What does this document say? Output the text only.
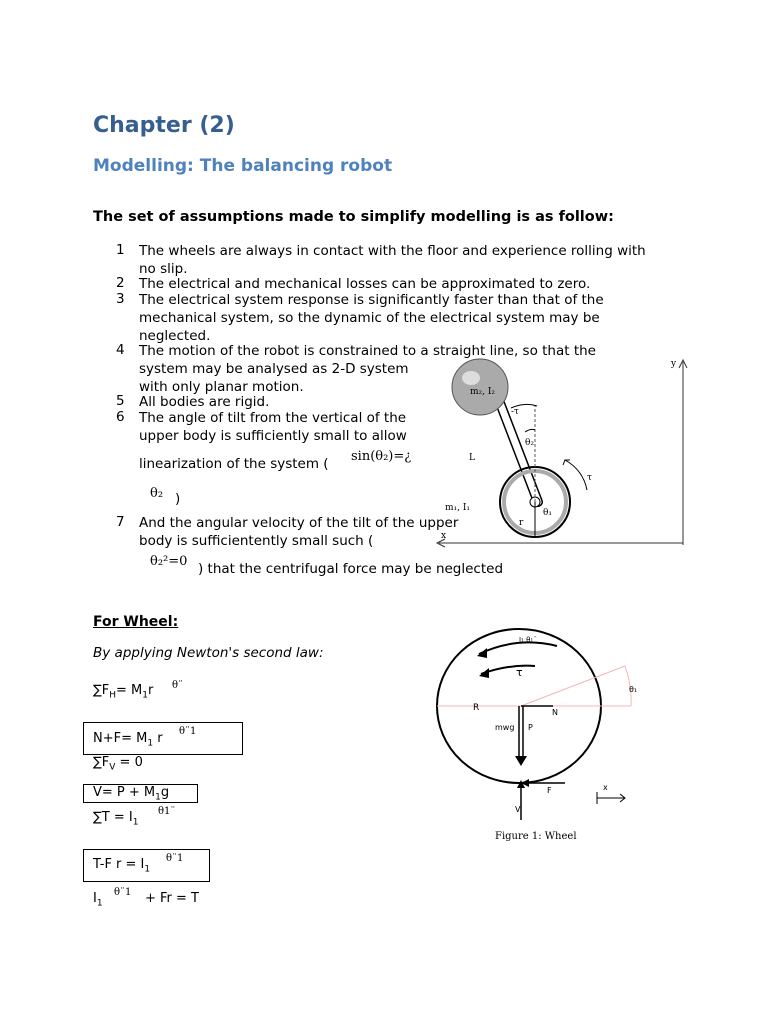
Chapter (2)
Modelling: The balancing robot
The set of assumptions made to simplify modelling is as follow:
1 The wheels are always in contact with the floor and experience rolling with
no slip.
2 The electrical and mechanical losses can be approximated to zero.
3 The electrical system response is significantly faster than that of the
mechanical system, so the dynamic of the electrical system may be
neglected.
4 The motion of the robot is constrained to a straight line, so that the
system may be analysed as 2-D system
with only planar motion.
5 All bodies are rigid.
6 The angle of tilt from the vertical of the
upper body is sufficiently small to allow
linearization of the system ( sin(θ₂)=¿
θ₂ )
7 And the angular velocity of the tilt of the upper
body is sufficientently small such (
θ₂²=0 ) that the centrifugal force may be neglected
y
x
m₂, I₂
-τ
θ₂
L
τ
m₁, I₁
r
θ₁
For Wheel:
By applying Newton's second law:
$\sum F_H= M_1r$ θ¨
$N+F= M_1$ r θ¨1
$\sum F_V = 0$
$V= P + M_1g$
$\sum T = I_1$
θ1¨
T-F $r = I_1$
θ¨1
$I_1$
θ¨1 + Fr = T
θ₁
I₁ θ₁¨
τ
R	N
mwg P
V
F	x
Figure 1: Wheel
